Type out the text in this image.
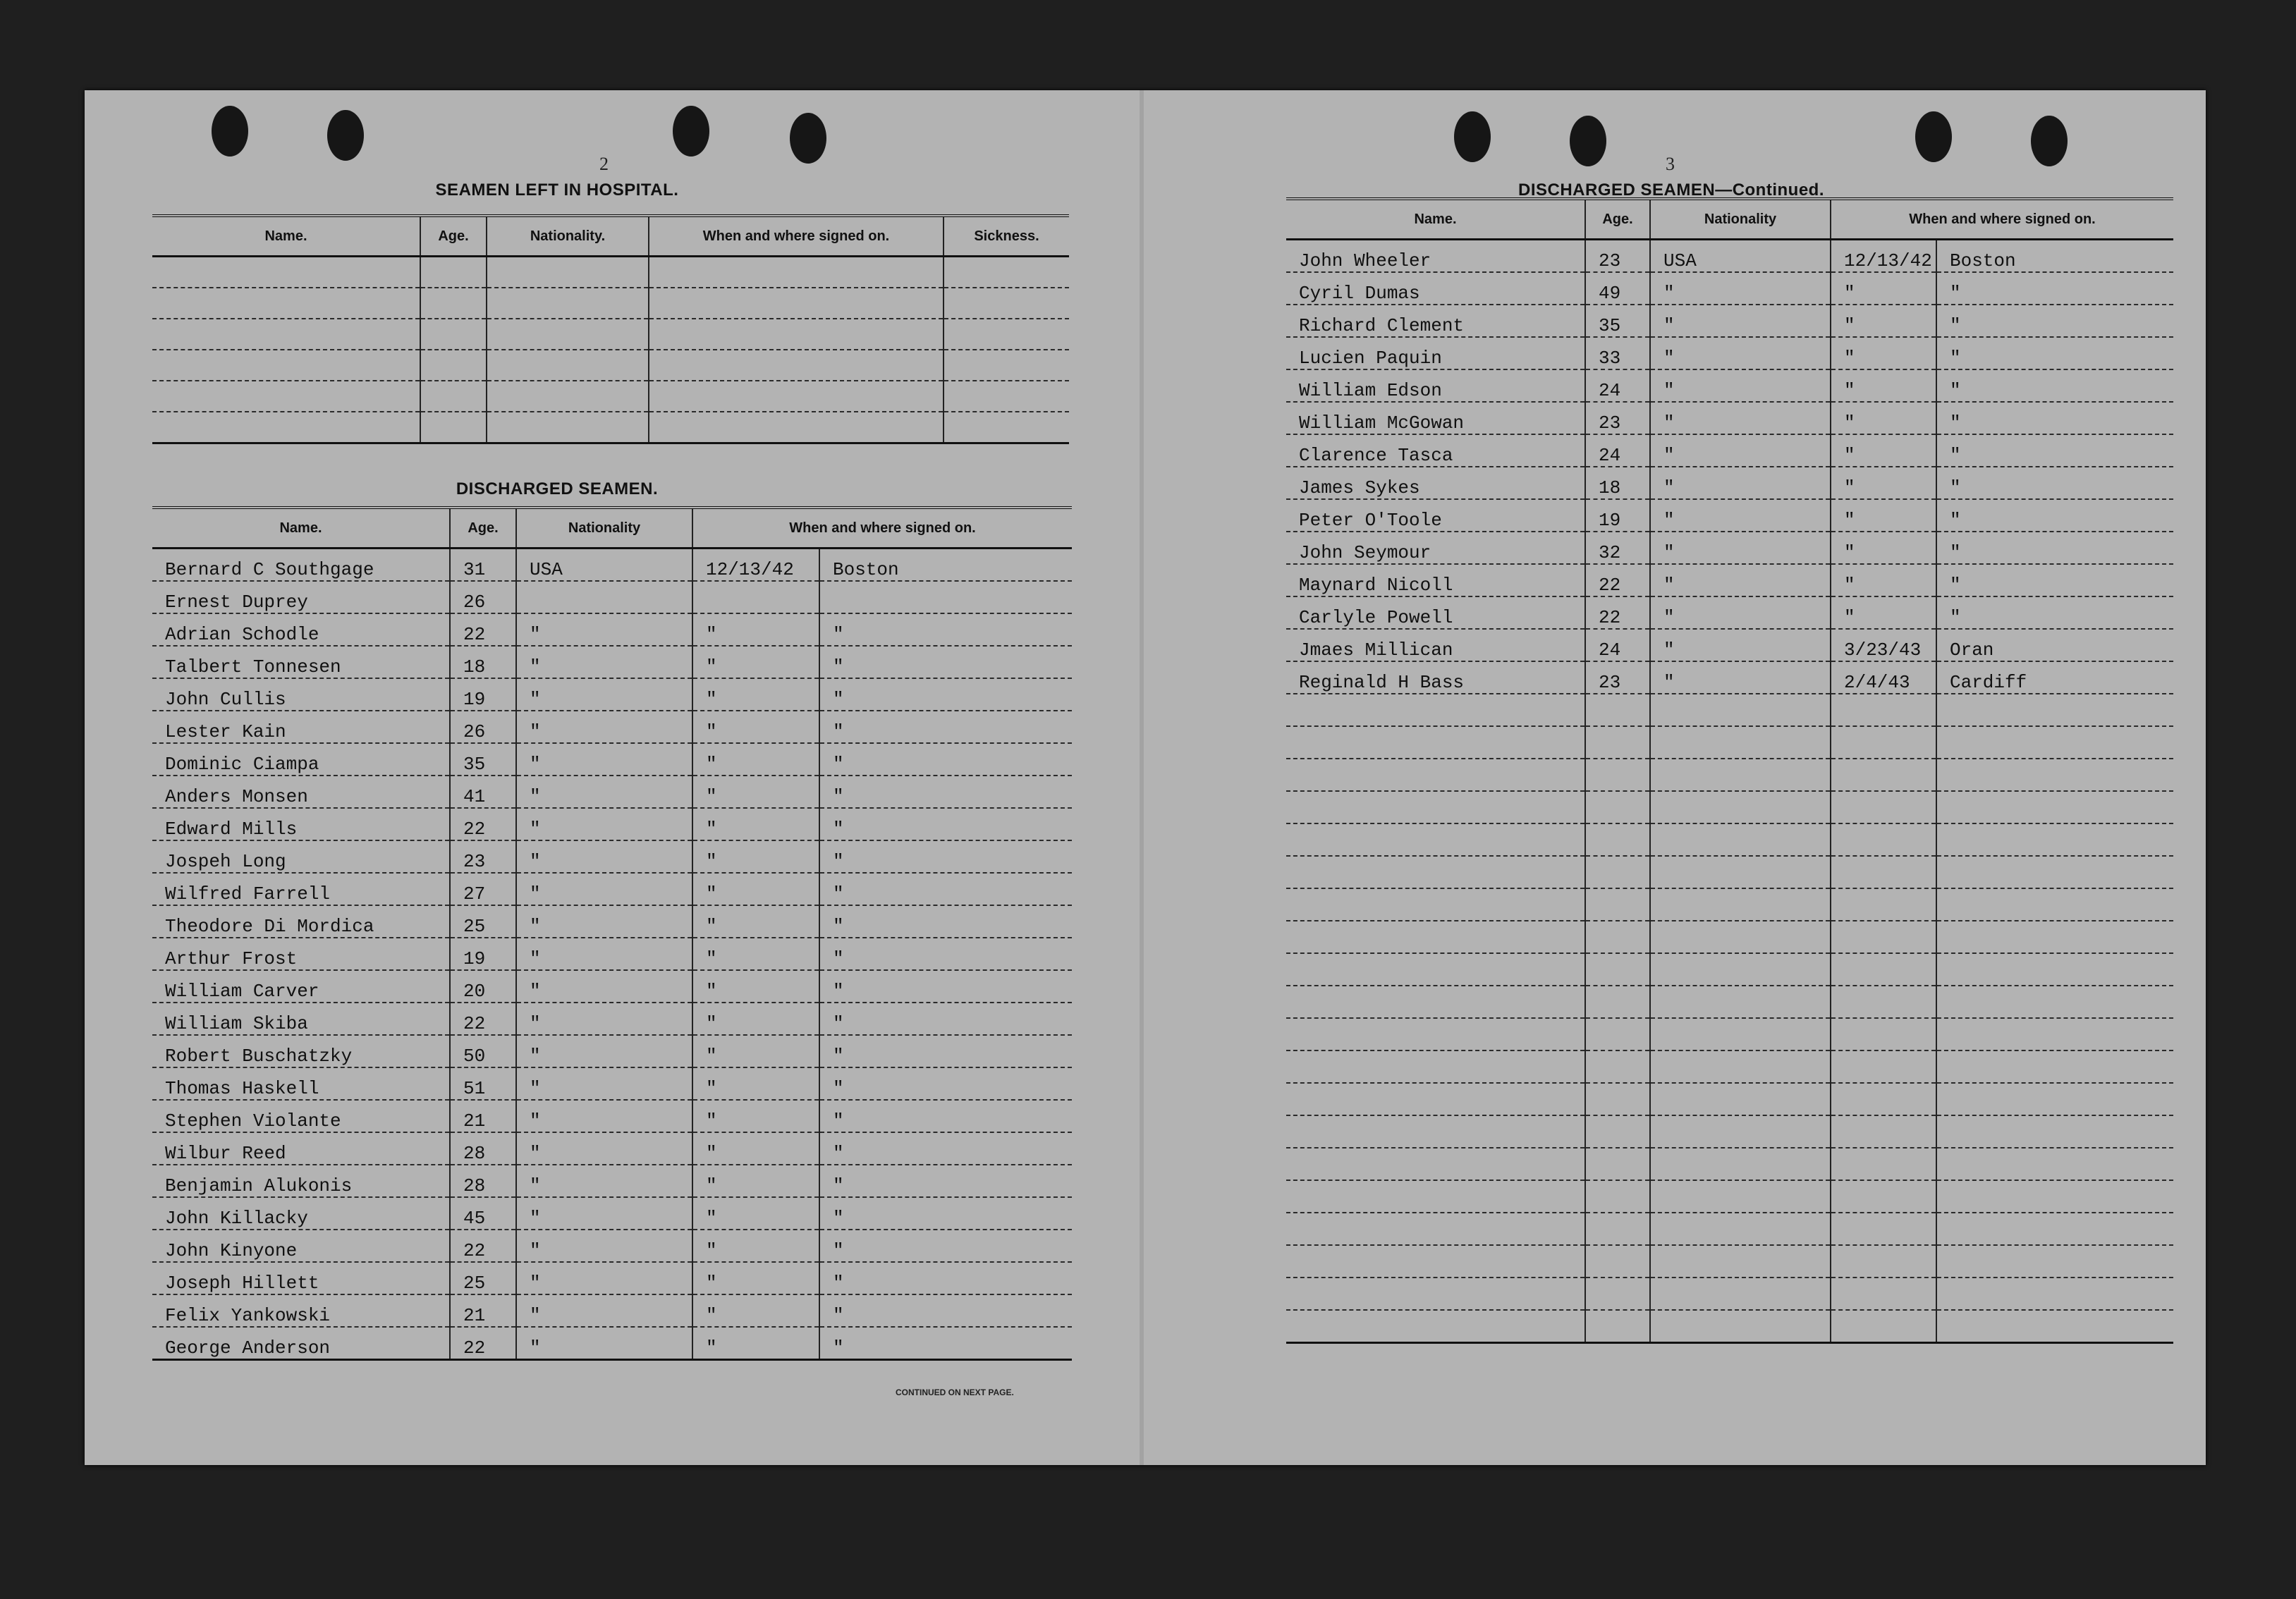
2
SEAMEN LEFT IN HOSPITAL.
Name.	Age.	Nationality.	When and where signed on.	Sickness.

DISCHARGED SEAMEN.
Name.	Age.	Nationality	When and where signed on.	
Bernard C Southgage	31	USA	12/13/42	Boston
Ernest Duprey	26			
Adrian Schodle	22	"	"	"
Talbert Tonnesen	18	"	"	"
John Cullis	19	"	"	"
Lester Kain	26	"	"	"
Dominic Ciampa	35	"	"	"
Anders Monsen	41	"	"	"
Edward Mills	22	"	"	"
Jospeh Long	23	"	"	"
Wilfred Farrell	27	"	"	"
Theodore Di Mordica	25	"	"	"
Arthur Frost	19	"	"	"
William Carver	20	"	"	"
William Skiba	22	"	"	"
Robert Buschatzky	50	"	"	"
Thomas Haskell	51	"	"	"
Stephen Violante	21	"	"	"
Wilbur Reed	28	"	"	"
Benjamin Alukonis	28	"	"	"
John Killacky	45	"	"	"
John Kinyone	22	"	"	"
Joseph Hillett	25	"	"	"
Felix Yankowski	21	"	"	"
George Anderson	22	"	"	"
CONTINUED ON NEXT PAGE.
3
DISCHARGED SEAMEN—Continued.
Name.	Age.	Nationality	When and where signed on.	
John Wheeler	23	USA	12/13/42	Boston
Cyril Dumas	49	"	"	"
Richard Clement	35	"	"	"
Lucien Paquin	33	"	"	"
William Edson	24	"	"	"
William McGowan	23	"	"	"
Clarence Tasca	24	"	"	"
James Sykes	18	"	"	"
Peter O'Toole	19	"	"	"
John Seymour	32	"	"	"
Maynard Nicoll	22	"	"	"
Carlyle Powell	22	"	"	"
Jmaes Millican	24	"	3/23/43	Oran
Reginald H Bass	23	"	2/4/43	Cardiff
